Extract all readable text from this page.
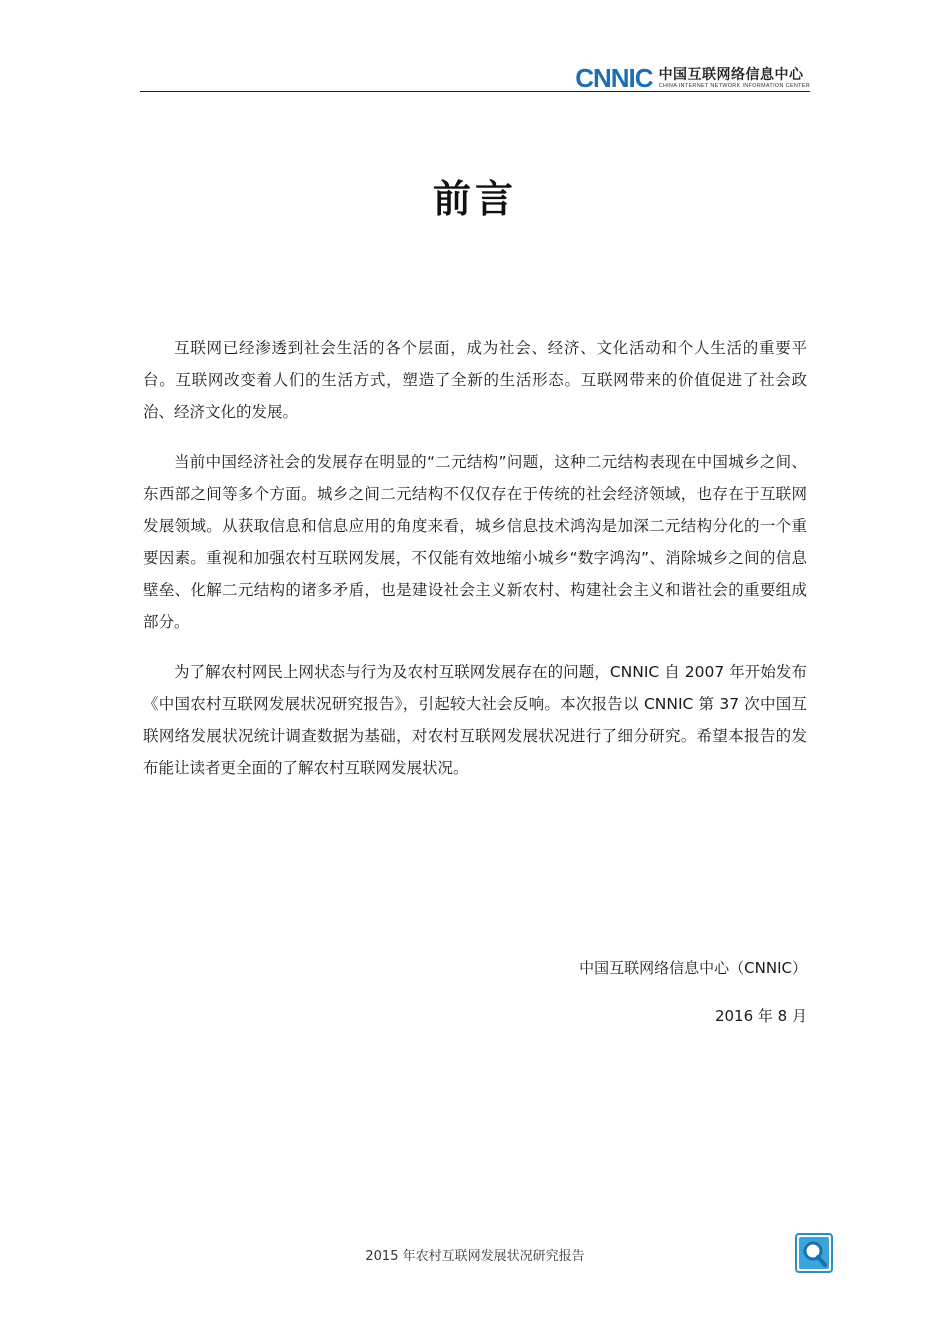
CNNIC 中国互联网络信息中心
CHINA INTERNET NETWORK INFORMATION CENTER
前言

互联网已经渗透到社会生活的各个层面，成为社会、经济、文化活动和个人生活的重要平台。互联网改变着人们的生活方式，塑造了全新的生活形态。互联网带来的价值促进了社会政治、经济文化的发展。

当前中国经济社会的发展存在明显的“二元结构”问题，这种二元结构表现在中国城乡之间、东西部之间等多个方面。城乡之间二元结构不仅仅存在于传统的社会经济领域，也存在于互联网发展领域。从获取信息和信息应用的角度来看，城乡信息技术鸿沟是加深二元结构分化的一个重要因素。重视和加强农村互联网发展，不仅能有效地缩小城乡“数字鸿沟”、消除城乡之间的信息壁垒、化解二元结构的诸多矛盾，也是建设社会主义新农村、构建社会主义和谐社会的重要组成部分。

为了解农村网民上网状态与行为及农村互联网发展存在的问题，CNNIC 自 2007 年开始发布《中国农村互联网发展状况研究报告》，引起较大社会反响。本次报告以 CNNIC 第 37 次中国互联网络发展状况统计调查数据为基础，对农村互联网发展状况进行了细分研究。希望本报告的发布能让读者更全面的了解农村互联网发展状况。

中国互联网络信息中心（CNNIC）
2016 年 8 月
2015 年农村互联网发展状况研究报告
